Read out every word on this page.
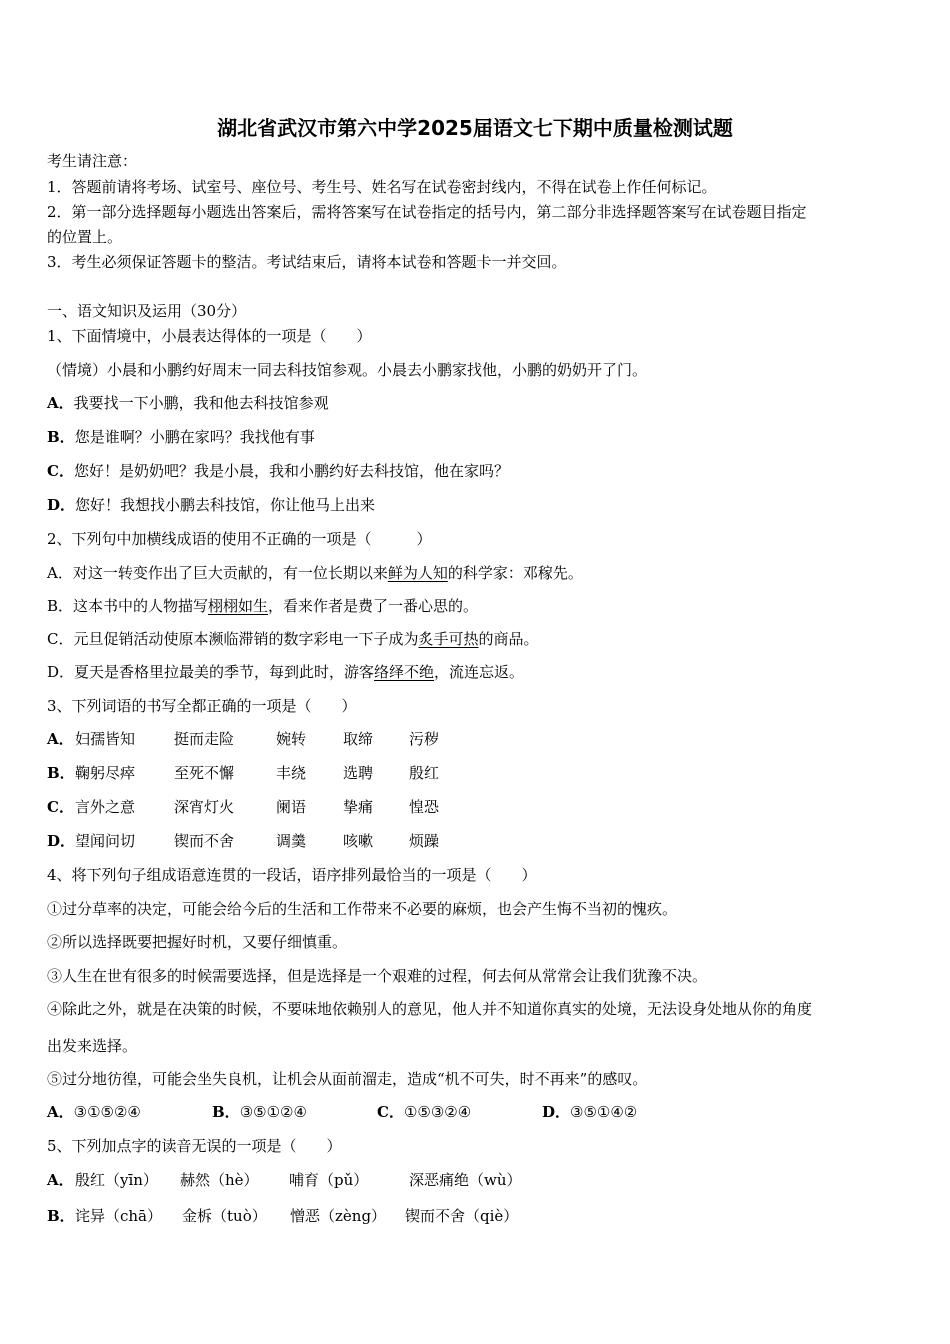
湖北省武汉市第六中学2025届语文七下期中质量检测试题
考生请注意：
1．答题前请将考场、试室号、座位号、考生号、姓名写在试卷密封线内，不得在试卷上作任何标记。
2．第一部分选择题每小题选出答案后，需将答案写在试卷指定的括号内，第二部分非选择题答案写在试卷题目指定
的位置上。
3．考生必须保证答题卡的整洁。考试结束后，请将本试卷和答题卡一并交回。
一、语文知识及运用（30分）
1、下面情境中，小晨表达得体的一项是（　　）
（情境）小晨和小鹏约好周末一同去科技馆参观。小晨去小鹏家找他，小鹏的奶奶开了门。
A．我要找一下小鹏，我和他去科技馆参观
B．您是谁啊？小鹏在家吗？我找他有事
C．您好！是奶奶吧？我是小晨，我和小鹏约好去科技馆，他在家吗？
D．您好！我想找小鹏去科技馆，你让他马上出来
2、下列句中加横线成语的使用不正确的一项是（　　　）
A．对这一转变作出了巨大贡献的，有一位长期以来鲜为人知的科学家：邓稼先。
B．这本书中的人物描写栩栩如生，看来作者是费了一番心思的。
C．元旦促销活动使原本濒临滞销的数字彩电一下子成为炙手可热的商品。
D．夏天是香格里拉最美的季节，每到此时，游客络绎不绝，流连忘返。
3、下列词语的书写全都正确的一项是（　　）
A． 妇孺皆知	挺而走险	婉转 取缔 污秽
B． 鞠躬尽瘁	至死不懈	丰绕 选聘 殷红
C． 言外之意	深宵灯火	阑语 挚痛 惶恐
D． 望闻问切	锲而不舍	调羹 咳嗽 烦躁
4、将下列句子组成语意连贯的一段话，语序排列最恰当的一项是（　　）
①过分草率的决定，可能会给今后的生活和工作带来不必要的麻烦，也会产生悔不当初的愧疚。
②所以选择既要把握好时机，又要仔细慎重。
③人生在世有很多的时候需要选择，但是选择是一个艰难的过程，何去何从常常会让我们犹豫不决。
④除此之外，就是在决策的时候，不要味地依赖别人的意见，他人并不知道你真实的处境，无法设身处地从你的角度
出发来选择。
⑤过分地彷徨，可能会坐失良机，让机会从面前溜走，造成“机不可失，时不再来”的感叹。
A．③①⑤②④	B．③⑤①②④	C．①⑤③②④	D．③⑤①④②
5、下列加点字的读音无误的一项是（　　）
A． 殷红（yīn） 赫然（hè） 哺育（pǔ）	深恶痛绝（wù）
B． 诧异（chā） 金柝（tuò） 憎恶（zèng） 锲而不舍（qiè）
